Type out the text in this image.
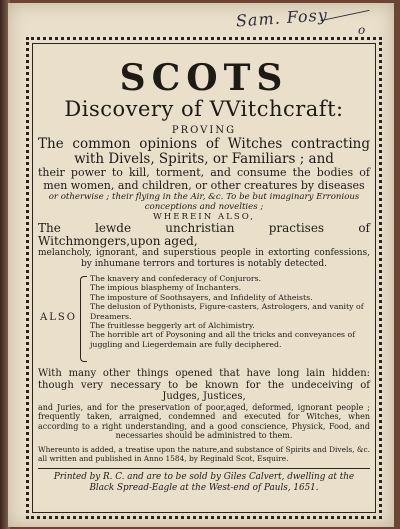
Sam. Fosy	o
SCOTS
Discovery of VVitchcraft:
PROVING
The common opinions of Witches contracting with Divels, Spirits, or Familiars ; and
their power to kill, torment, and consume the bodies of men women, and children, or other creatures by diseases
or otherwise ; their flying in the Air, &c. To be but imaginary Erronious conceptions and novelties ;
WHEREIN ALSO,
The lewde unchristian practises of Witchmongers,upon aged,
melancholy, ignorant, and superstious people in extorting confessions, by inhumane terrors and tortures is notably detected.
ALSO
The knavery and confederacy of Conjurors.
The impious blasphemy of Inchanters.
The imposture of Soothsayers, and Infidelity of Atheists.
The delusion of Pythonists, Figure-casters, Astrologers, and vanity of Dreamers.
The fruitlesse beggerly art of Alchimistry.
The horrible art of Poysoning and all the tricks and conveyances of juggling and Liegerdemain are fully deciphered.
With many other things opened that have long lain hidden: though very necessary to be known for the undeceiving of Judges, Justices,
and Juries, and for the preservation of poor,aged, deformed, ignorant people ; frequently taken, arraigned, condemned and executed for Witches, when according to a right understanding, and a good conscience, Physick, Food, and necessaries should be administred to them.
Whereunto is added, a treatise upon the nature,and substance of Spirits and Divels, &c. all written and published in Anno 1584, by Reginald Scot, Esquire.
Printed by R. C. and are to be sold by Giles Calvert, dwelling at the
Black Spread-Eagle at the West-end of Pauls, 1651.
